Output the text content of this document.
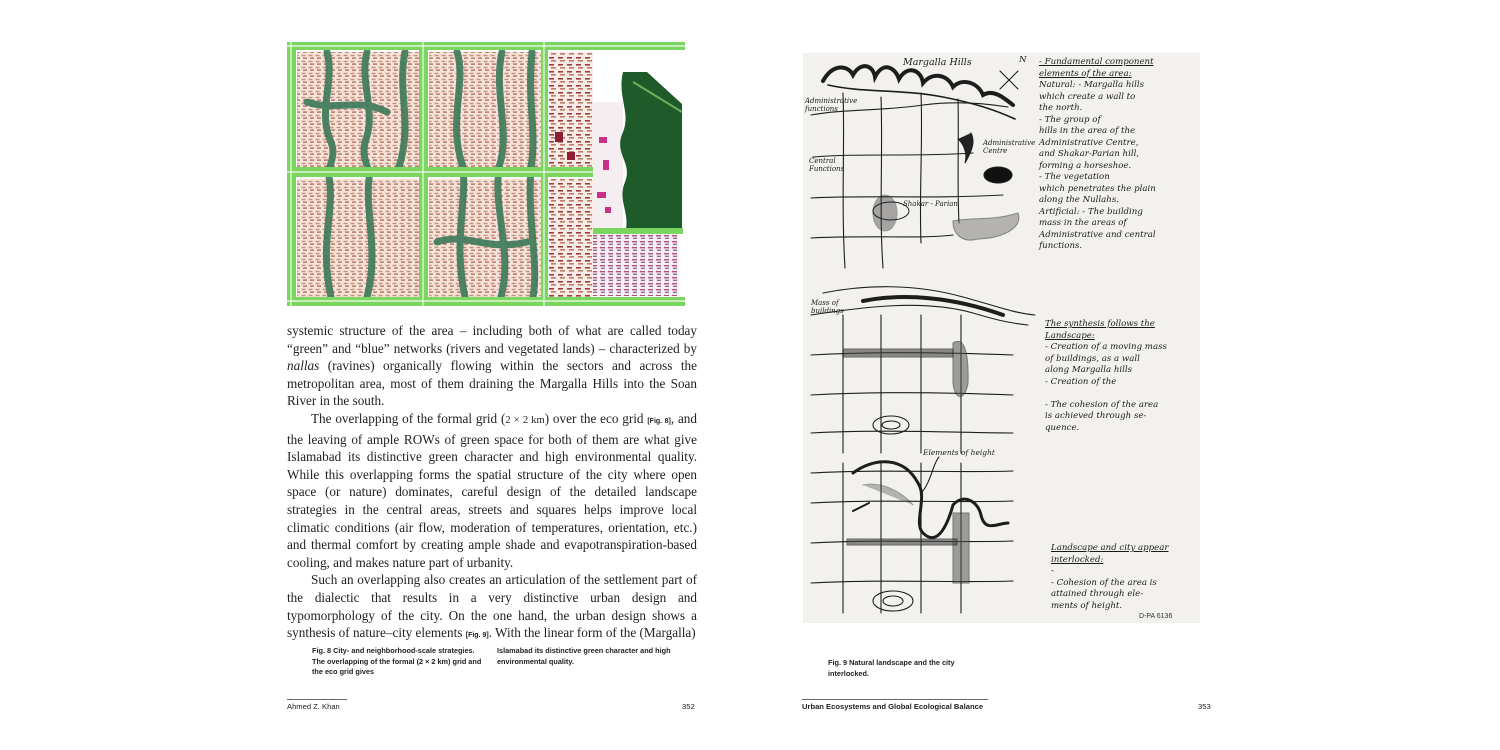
systemic structure of the area – including both of what are called today “green” and “blue” networks (rivers and vegetated lands) – characterized by nallas (ravines) organically flowing within the sectors and across the metropolitan area, most of them draining the Margalla Hills into the Soan River in the south.

The overlapping of the formal grid (2 × 2 km) over the eco grid [Fig. 8], and the leaving of ample ROWs of green space for both of them are what give Islamabad its distinctive green character and high environmental quality. While this overlapping forms the spatial structure of the city where open space (or nature) dominates, careful design of the detailed landscape strategies in the central areas, streets and squares helps improve local climatic conditions (air flow, moderation of temperatures, orientation, etc.) and thermal comfort by creating ample shade and evapotranspiration-based cooling, and makes nature part of urbanity.

Such an overlapping also creates an articulation of the settlement part of the dialectic that results in a very distinctive urban design and typomorphology of the city. On the one hand, the urban design shows a synthesis of nature–city elements [Fig. 9]. With the linear form of the (Margalla)

Fig. 8 City- and neighborhood-scale strategies. The overlapping of the formal (2 × 2 km) grid and the eco grid gives
Islamabad its distinctive green character and high environmental quality.
Ahmed Z. Khan	352
Margalla Hills	N
Administrative functions
Administrative Centre
Central Functions
Shakar - Parian
Mass of buildings
Elements of height
D-PA 6136
- Fundamental component
elements of the area:
Natural: - Margalla hills
which create a wall to
the north.
- The group of
hills in the area of the
Administrative Centre,
and Shakar-Parian hill,
forming a horseshoe.
- The vegetation
which penetrates the plain
along the Nullahs.
Artificial: - The building
mass in the areas of
Administrative and central
functions.
The synthesis follows the
Landscape:
- Creation of a moving mass
of buildings, as a wall
along Margalla hills
- Creation of the

- The cohesion of the area
is achieved through se-
quence.
Landscape and city appear
interlocked:
-
- Cohesion of the area is
attained through ele-
ments of height.
Fig. 9 Natural landscape and the city interlocked.
Urban Ecosystems and Global Ecological Balance	353
